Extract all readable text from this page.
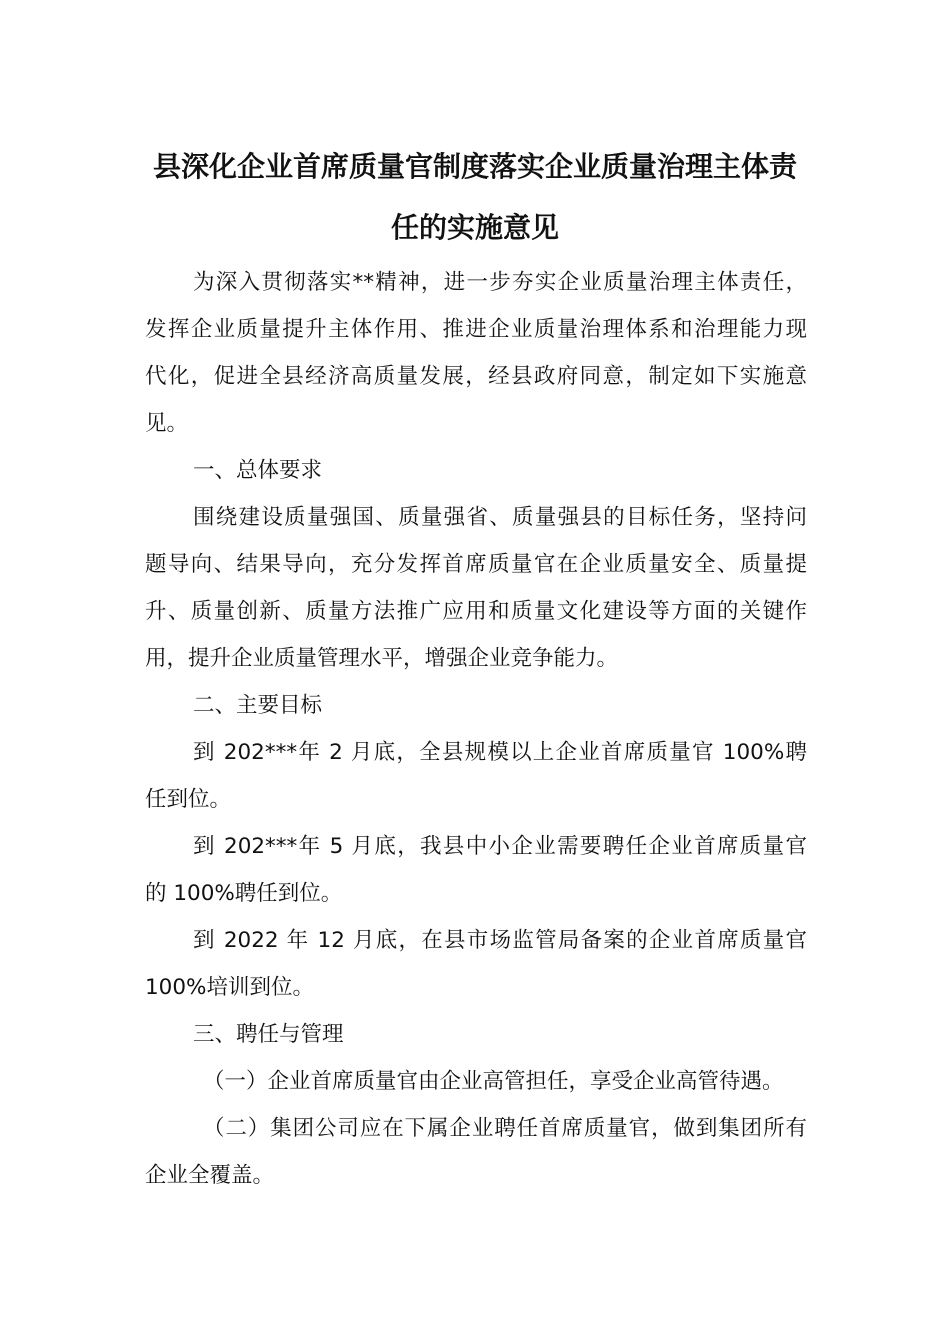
县深化企业首席质量官制度落实企业质量治理主体责
任的实施意见
为深入贯彻落实**精神，进一步夯实企业质量治理主体责任，
发挥企业质量提升主体作用、推进企业质量治理体系和治理能力现
代化，促进全县经济高质量发展，经县政府同意，制定如下实施意
见。
一、总体要求
围绕建设质量强国、质量强省、质量强县的目标任务，坚持问
题导向、结果导向，充分发挥首席质量官在企业质量安全、质量提
升、质量创新、质量方法推广应用和质量文化建设等方面的关键作
用，提升企业质量管理水平，增强企业竞争能力。
二、主要目标
到 202***年 2 月底，全县规模以上企业首席质量官 100%聘
任到位。
到 202***年 5 月底，我县中小企业需要聘任企业首席质量官
的 100%聘任到位。
到 2022 年 12 月底，在县市场监管局备案的企业首席质量官
100%培训到位。
三、聘任与管理
（一）企业首席质量官由企业高管担任，享受企业高管待遇。
（二）集团公司应在下属企业聘任首席质量官，做到集团所有
企业全覆盖。
